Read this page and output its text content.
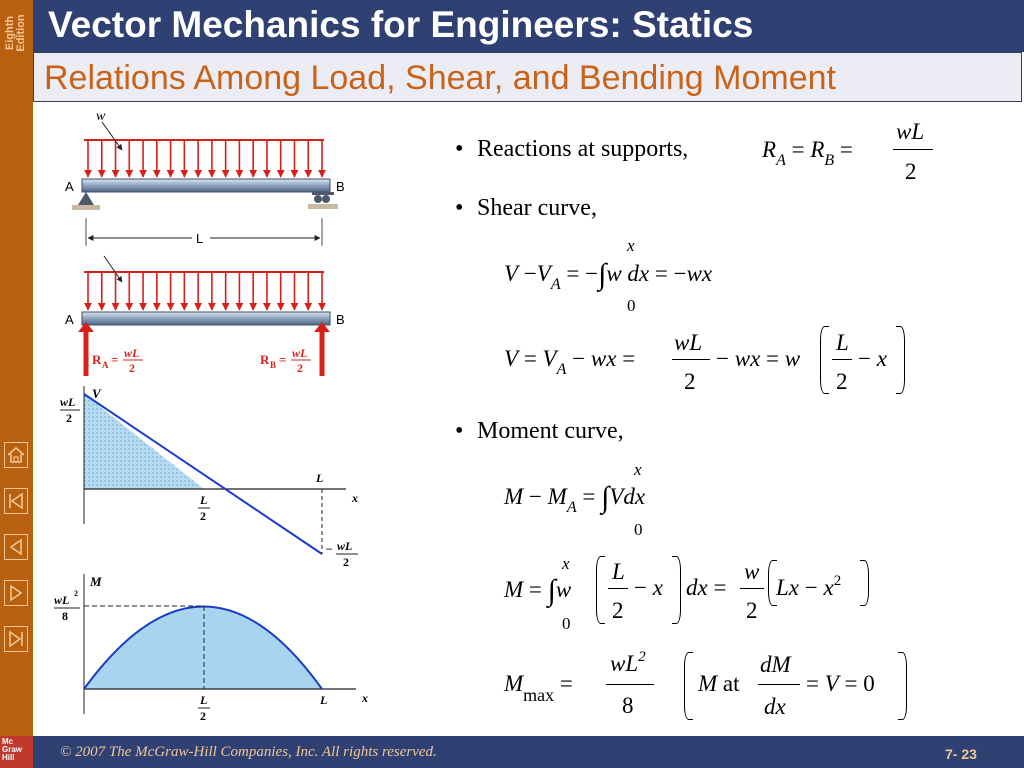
Eighth Edition
Mc
Graw
Hill
Vector Mechanics for Engineers: Statics
Relations Among Load, Shear, and Bending Moment
w
A	B
L
A	B
R A = wL
2
R B = wL
2
V
x
wL
2
L
2
L
– wL
2
M
x
wL 2
8
L
2
L
• Reactions at supports,
• Shear curve,
• Moment curve,
$R_A = R_B$ =
wL
2
x
$V -V_A = -\int w$ dx = −wx
0
$V = V_A$ − wx =
wL
2
− wx = w
L
2
− x
x
$M - M_A = \int Vdx$
0
x
M = ∫w
0
L
2
− x dx =
w
2
$Lx - x^2$
$M_{max}$ =
$wL^2$
8
M at
dM
dx
= V = 0
© 2007 The McGraw-Hill Companies, Inc. All rights reserved.	7- 23
